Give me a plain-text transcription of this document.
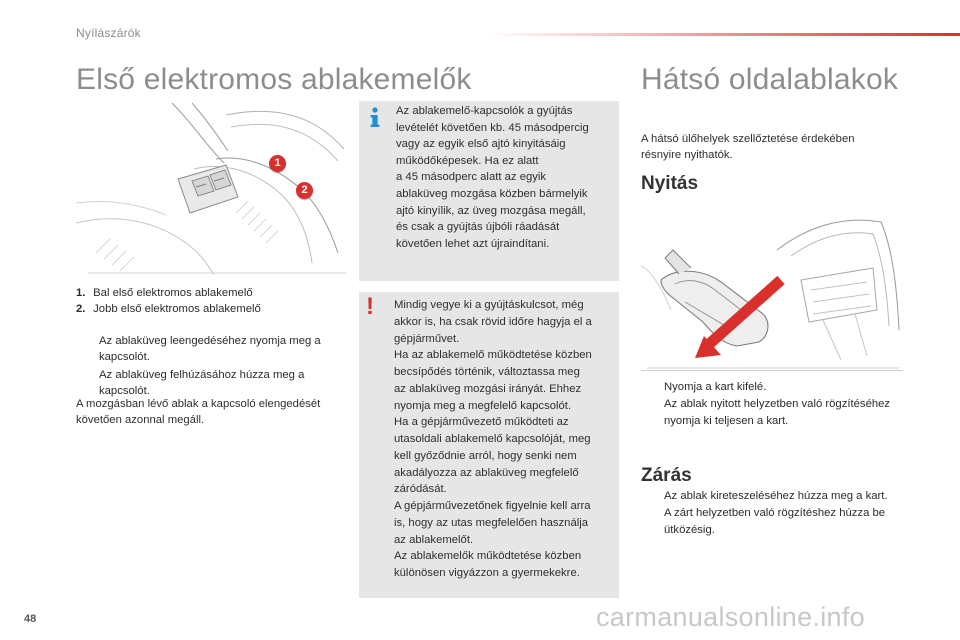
Nyílászárók
Első elektromos ablakemelők
1
2
1. Bal első elektromos ablakemelő
2. Jobb első elektromos ablakemelő
Az ablaküveg leengedéséhez nyomja meg a kapcsolót.
Az ablaküveg felhúzásához húzza meg a kapcsolót.
A mozgásban lévő ablak a kapcsoló elengedését követően azonnal megáll.
Az ablakemelő-kapcsolók a gyújtás
levételét követően kb. 45 másodpercig
vagy az egyik első ajtó kinyitásáig
működőképesek. Ha ez alatt
a 45 másodperc alatt az egyik
ablaküveg mozgása közben bármelyik
ajtó kinyílik, az üveg mozgása megáll,
és csak a gyújtás újbóli ráadását
követően lehet azt újraindítani.
! Mindig vegye ki a gyújtáskulcsot, még
akkor is, ha csak rövid időre hagyja el a
gépjárművet.
Ha az ablakemelő működtetése közben
becsípődés történik, változtassa meg
az ablaküveg mozgási irányát. Ehhez
nyomja meg a megfelelő kapcsolót.
Ha a gépjárművezető működteti az
utasoldali ablakemelő kapcsolóját, meg
kell győződnie arról, hogy senki nem
akadályozza az ablaküveg megfelelő
záródását.
A gépjárművezetőnek figyelnie kell arra
is, hogy az utas megfelelően használja
az ablakemelőt.
Az ablakemelők működtetése közben
különösen vigyázzon a gyermekekre.
Hátsó oldalablakok
A hátsó ülőhelyek szellőztetése érdekében résnyire nyithatók.
Nyitás
Nyomja a kart kifelé.
Az ablak nyitott helyzetben való rögzítéséhez nyomja ki teljesen a kart.
Zárás
Az ablak kireteszeléséhez húzza meg a kart.
A zárt helyzetben való rögzítéshez húzza be ütközésig.
48	carmanualsonline.info
